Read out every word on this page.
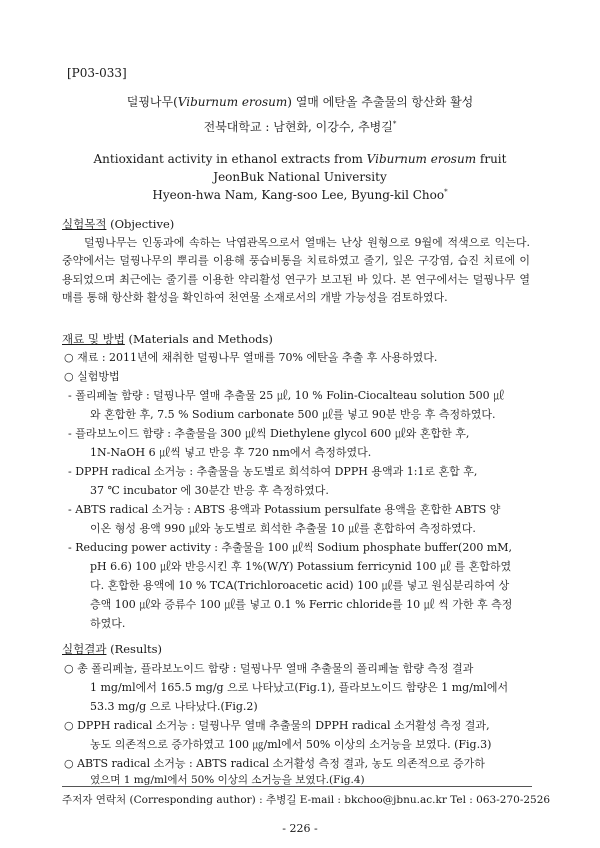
[P03-033]
덜꿩나무(Viburnum erosum) 열매 에탄올 추출물의 항산화 활성
전북대학교 : 남현화, 이강수, 추병길*
Antioxidant activity in ethanol extracts from Viburnum erosum fruit
JeonBuk National University
Hyeon-hwa Nam, Kang-soo Lee, Byung-kil Choo*
실험목적 (Objective)
덜꿩나무는 인동과에 속하는 낙엽관목으로서 열매는 난상 원형으로 9월에 적색으로 익는다. 중약에서는 덜꿩나무의 뿌리를 이용해 풍습비통을 치료하였고 줄기, 잎은 구강염, 습진 치료에 이용되었으며 최근에는 줄기를 이용한 약리활성 연구가 보고된 바 있다. 본 연구에서는 덜꿩나무 열매를 통해 항산화 활성을 확인하여 천연물 소재로서의 개발 가능성을 검토하였다.
재료 및 방법 (Materials and Methods)
○ 재료 : 2011년에 채취한 덜꿩나무 열매를 70% 에탄올 추출 후 사용하였다.
○ 실험방법
- 폴리페놀 함량 : 덜꿩나무 열매 추출물 25 ㎕, 10 % Folin-Ciocalteau solution 500 ㎕
와 혼합한 후, 7.5 % Sodium carbonate 500 ㎕를 넣고 90분 반응 후 측정하였다.
- 플라보노이드 함량 : 추출물을 300 ㎕씩 Diethylene glycol 600 ㎕와 혼합한 후,
1N-NaOH 6 ㎕씩 넣고 반응 후 720 nm에서 측정하였다.
- DPPH radical 소거능 : 추출물을 농도별로 희석하여 DPPH 용액과 1:1로 혼합 후,
37 ℃ incubator 에 30분간 반응 후 측정하였다.
- ABTS radical 소거능 : ABTS 용액과 Potassium persulfate 용액을 혼합한 ABTS 양
이온 형성 용액 990 ㎕와 농도별로 희석한 추출물 10 ㎕를 혼합하여 측정하였다.
- Reducing power activity : 추출물을 100 ㎕씩 Sodium phosphate buffer(200 mM,
pH 6.6) 100 ㎕와 반응시킨 후 1%(W/Y) Potassium ferricynid 100 ㎕ 를 혼합하였
다. 혼합한 용액에 10 % TCA(Trichloroacetic acid) 100 ㎕를 넣고 원심분리하여 상
층액 100 ㎕와 증류수 100 ㎕를 넣고 0.1 % Ferric chloride를 10 ㎕ 씩 가한 후 측정
하였다.
실험결과 (Results)
○ 총 폴리페놀, 플라보노이드 함량 : 덜꿩나무 열매 추출물의 폴리페놀 함량 측정 결과
1 mg/ml에서 165.5 mg/g 으로 나타났고(Fig.1), 플라보노이드 함량은 1 mg/ml에서
53.3 mg/g 으로 나타났다.(Fig.2)
○ DPPH radical 소거능 : 덜꿩나무 열매 추출물의 DPPH radical 소거활성 측정 결과,
농도 의존적으로 증가하였고 100 ㎍/ml에서 50% 이상의 소거능을 보였다. (Fig.3)
주저자 연락처 (Corresponding author) : 추병길 E-mail : bkchoo@jbnu.ac.kr Tel : 063-270-2526
- 226 -
○ ABTS radical 소거능 : ABTS radical 소거활성 측정 결과, 농도 의존적으로 증가하
였으며 1 mg/ml에서 50% 이상의 소거능을 보였다.(Fig.4)
